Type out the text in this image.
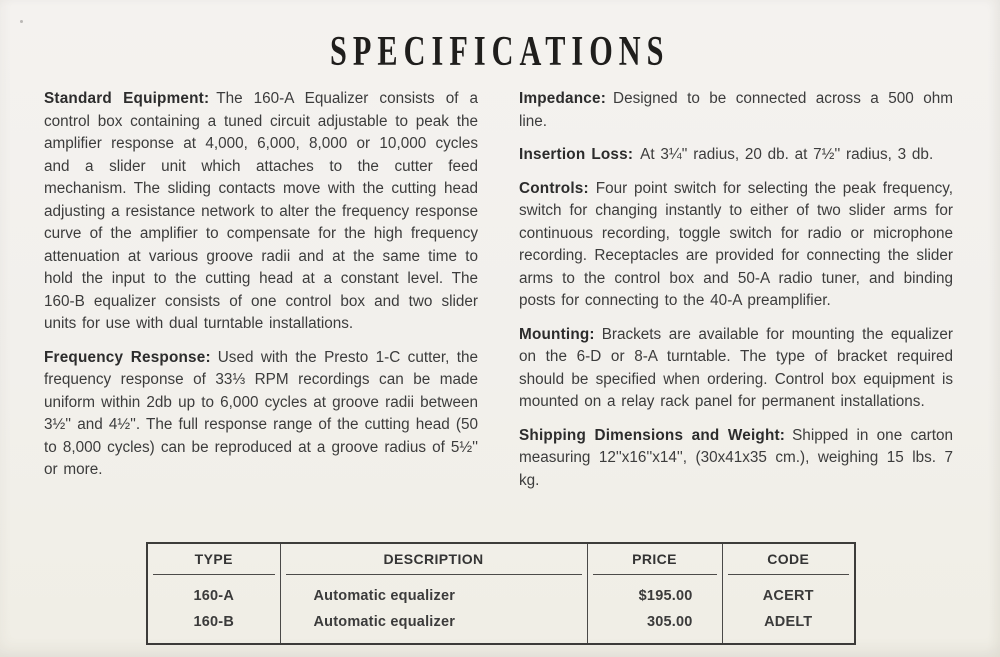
SPECIFICATIONS

Standard Equipment: The 160-A Equalizer consists of a control box containing a tuned circuit adjustable to peak the amplifier response at 4,000, 6,000, 8,000 or 10,000 cycles and a slider unit which attaches to the cutter feed mechanism. The sliding contacts move with the cutting head adjusting a resistance network to alter the frequency response curve of the amplifier to compensate for the high frequency attenuation at various groove radii and at the same time to hold the input to the cutting head at a constant level. The 160-B equalizer consists of one control box and two slider units for use with dual turntable installations.

Frequency Response: Used with the Presto 1-C cutter, the frequency response of 33⅓ RPM recordings can be made uniform within 2db up to 6,000 cycles at groove radii between 3½'' and 4½''. The full response range of the cutting head (50 to 8,000 cycles) can be reproduced at a groove radius of 5½'' or more.

Impedance: Designed to be connected across a 500 ohm line.

Insertion Loss: At 3¼'' radius, 20 db. at 7½'' radius, 3 db.

Controls: Four point switch for selecting the peak frequency, switch for changing instantly to either of two slider arms for continuous recording, toggle switch for radio or microphone recording. Receptacles are provided for connecting the slider arms to the control box and 50-A radio tuner, and binding posts for connecting to the 40-A preamplifier.

Mounting: Brackets are available for mounting the equalizer on the 6-D or 8-A turntable. The type of bracket required should be specified when ordering. Control box equipment is mounted on a relay rack panel for permanent installations.

Shipping Dimensions and Weight: Shipped in one carton measuring 12''x16''x14'', (30x41x35 cm.), weighing 15 lbs. 7 kg.

TYPE	DESCRIPTION	PRICE	CODE
160-A	Automatic equalizer	$195.00	ACERT
160-B	Automatic equalizer	305.00	ADELT
